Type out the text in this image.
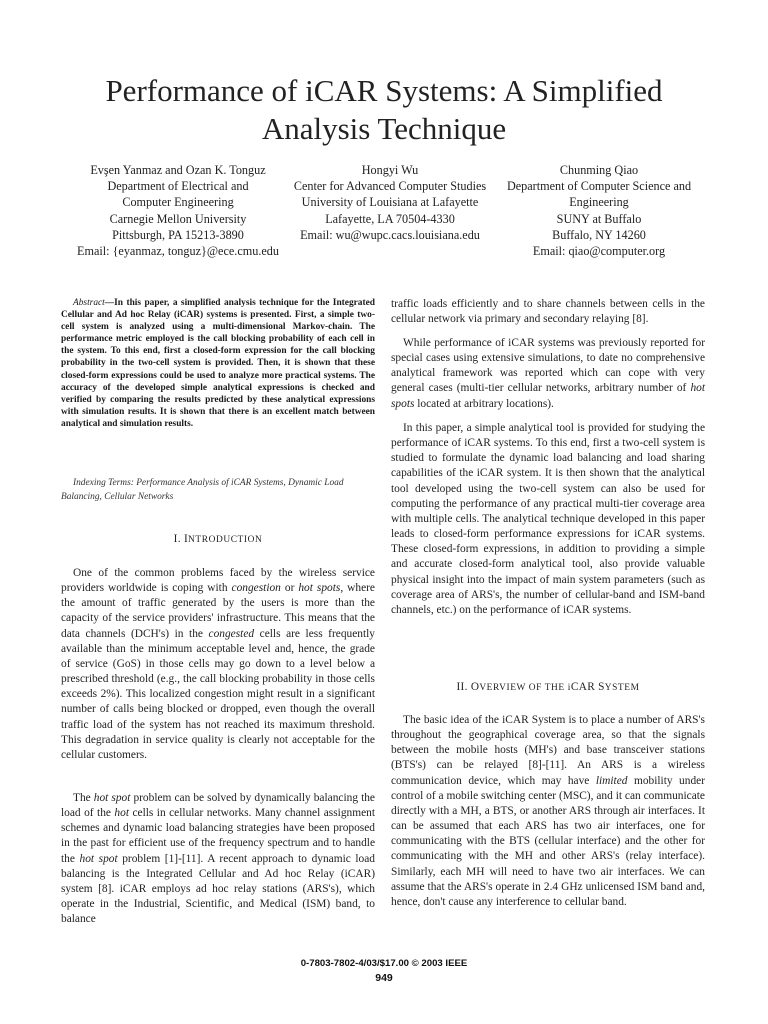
Performance of iCAR Systems: A Simplified
Analysis Technique
Evşen Yanmaz and Ozan K. Tonguz
Department of Electrical and
Computer Engineering
Carnegie Mellon University
Pittsburgh, PA 15213-3890
Email: {eyanmaz, tonguz}@ece.cmu.edu
Hongyi Wu
Center for Advanced Computer Studies
University of Louisiana at Lafayette
Lafayette, LA 70504-4330
Email: wu@wupc.cacs.louisiana.edu
Chunming Qiao
Department of Computer Science and
Engineering
SUNY at Buffalo
Buffalo, NY 14260
Email: qiao@computer.org

Abstract—In this paper, a simplified analysis technique for the Integrated Cellular and Ad hoc Relay (iCAR) systems is presented. First, a simple two-cell system is analyzed using a multi-dimensional Markov-chain. The performance metric employed is the call blocking probability of each cell in the system. To this end, first a closed-form expression for the call blocking probability in the two-cell system is provided. Then, it is shown that these closed-form expressions could be used to analyze more practical systems. The accuracy of the developed simple analytical expressions is checked and verified by comparing the results predicted by these analytical expressions with simulation results. It is shown that there is an excellent match between analytical and simulation results.

Indexing Terms: Performance Analysis of iCAR Systems, Dynamic Load Balancing, Cellular Networks
I. INTRODUCTION

One of the common problems faced by the wireless service providers worldwide is coping with congestion or hot spots, where the amount of traffic generated by the users is more than the capacity of the service providers' infrastructure. This means that the data channels (DCH's) in the congested cells are less frequently available than the minimum acceptable level and, hence, the grade of service (GoS) in those cells may go down to a level below a prescribed threshold (e.g., the call blocking probability in those cells exceeds 2%). This localized congestion might result in a significant number of calls being blocked or dropped, even though the overall traffic load of the system has not reached its maximum threshold. This degradation in service quality is clearly not acceptable for the cellular customers.

The hot spot problem can be solved by dynamically balancing the load of the hot cells in cellular networks. Many channel assignment schemes and dynamic load balancing strategies have been proposed in the past for efficient use of the frequency spectrum and to handle the hot spot problem [1]-[11]. A recent approach to dynamic load balancing is the Integrated Cellular and Ad hoc Relay (iCAR) system [8]. iCAR employs ad hoc relay stations (ARS's), which operate in the Industrial, Scientific, and Medical (ISM) band, to balance

traffic loads efficiently and to share channels between cells in the cellular network via primary and secondary relaying [8].

While performance of iCAR systems was previously reported for special cases using extensive simulations, to date no comprehensive analytical framework was reported which can cope with very general cases (multi-tier cellular networks, arbitrary number of hot spots located at arbitrary locations).

In this paper, a simple analytical tool is provided for studying the performance of iCAR systems. To this end, first a two-cell system is studied to formulate the dynamic load balancing and load sharing capabilities of the iCAR system. It is then shown that the analytical tool developed using the two-cell system can also be used for computing the performance of any practical multi-tier coverage area with multiple cells. The analytical technique developed in this paper leads to closed-form performance expressions for iCAR systems. These closed-form expressions, in addition to providing a simple and accurate closed-form analytical tool, also provide valuable physical insight into the impact of main system parameters (such as coverage area of ARS's, the number of cellular-band and ISM-band channels, etc.) on the performance of iCAR systems.

II. OVERVIEW OF THE iCAR SYSTEM

The basic idea of the iCAR System is to place a number of ARS's throughout the geographical coverage area, so that the signals between the mobile hosts (MH's) and base transceiver stations (BTS's) can be relayed [8]-[11]. An ARS is a wireless communication device, which may have limited mobility under control of a mobile switching center (MSC), and it can communicate directly with a MH, a BTS, or another ARS through air interfaces. It can be assumed that each ARS has two air interfaces, one for communicating with the BTS (cellular interface) and the other for communicating with the MH and other ARS's (relay interface). Similarly, each MH will need to have two air interfaces. We can assume that the ARS's operate in 2.4 GHz unlicensed ISM band and, hence, don't cause any interference to cellular band.

0-7803-7802-4/03/$17.00 © 2003 IEEE
949
